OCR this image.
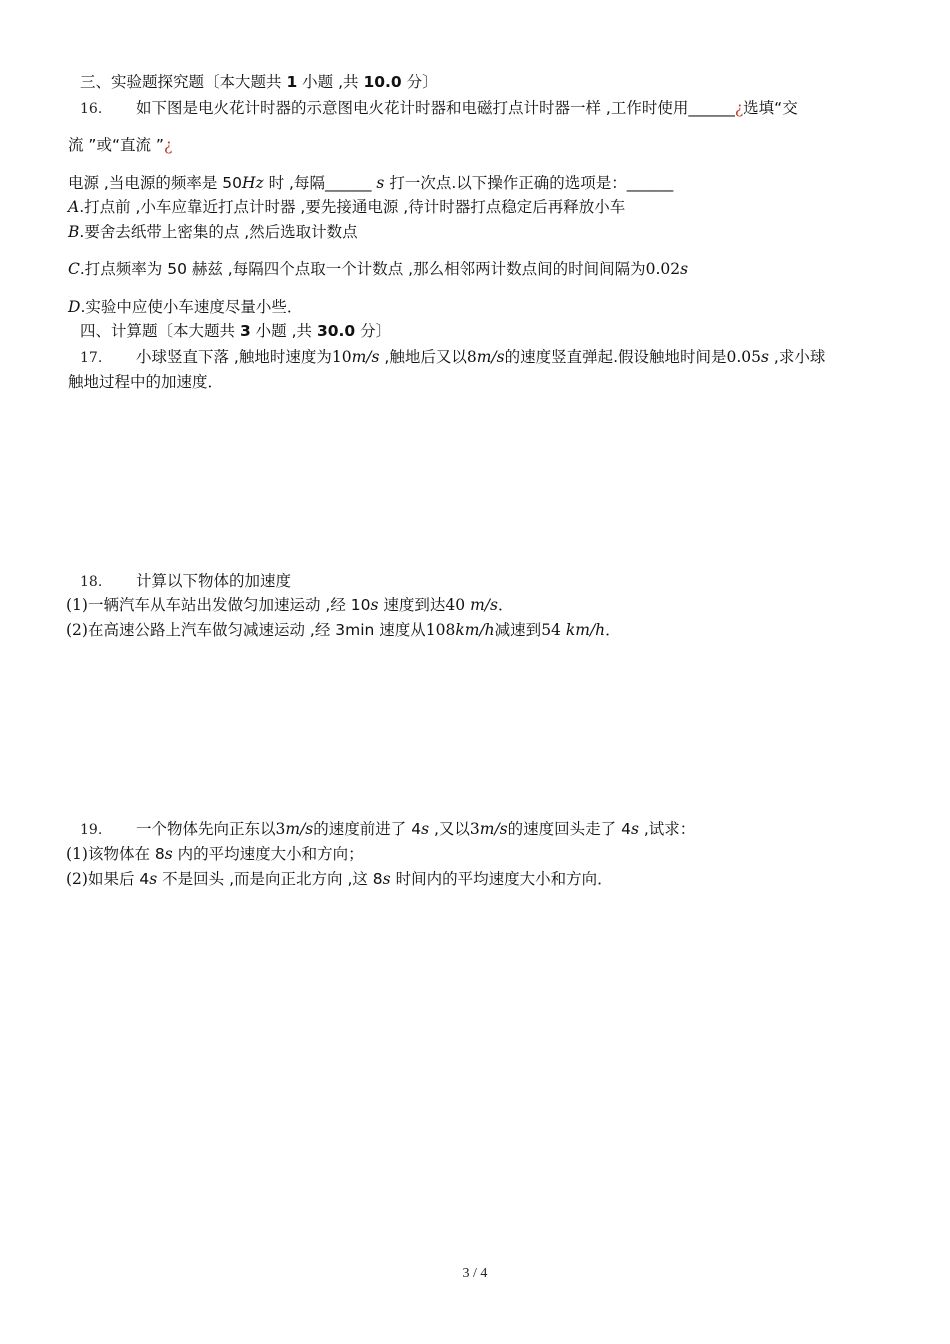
三、实验题探究题〔本大题共 1 小题 ,共 10.0 分〕
16. 如下图是电火花计时器的示意图电火花计时器和电磁打点计时器一样 ,工作时使用______¿选填“交
流 ”或“直流 ”¿
电源 ,当电源的频率是 50Hz 时 ,每隔______ s 打一次点.以下操作正确的选项是：______
A.打点前 ,小车应靠近打点计时器 ,要先接通电源 ,待计时器打点稳定后再释放小车
B.要舍去纸带上密集的点 ,然后选取计数点
C.打点频率为 50 赫兹 ,每隔四个点取一个计数点 ,那么相邻两计数点间的时间间隔为0.02s
D.实验中应使小车速度尽量小些．
四、计算题〔本大题共 3 小题 ,共 30.0 分〕
17. 小球竖直下落 ,触地时速度为10m/s ,触地后又以8m/s的速度竖直弹起.假设触地时间是0.05s ,求小球
触地过程中的加速度．
18. 计算以下物体的加速度
(1)一辆汽车从车站出发做匀加速运动 ,经 10s 速度到达40 m/s．
(2)在高速公路上汽车做匀减速运动 ,经 3min 速度从108km/h减速到54 km/h．
19. 一个物体先向正东以3m/s的速度前进了 4s ,又以3m/s的速度回头走了 4s ,试求：
(1)该物体在 8s 内的平均速度大小和方向；
(2)如果后 4s 不是回头 ,而是向正北方向 ,这 8s 时间内的平均速度大小和方向．
3 / 4
